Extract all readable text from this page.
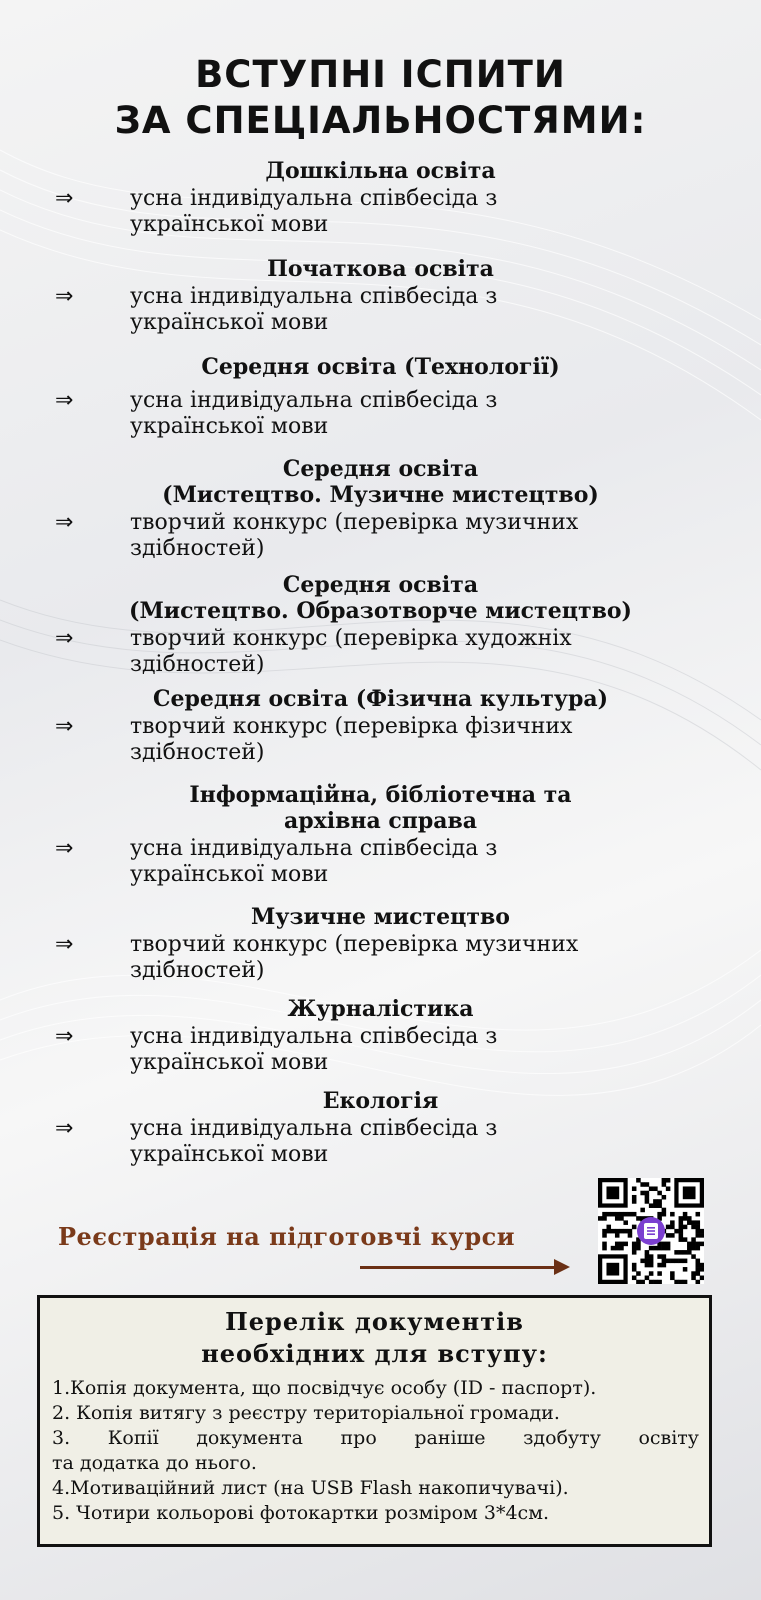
ВСТУПНІ ІСПИТИ
ЗА СПЕЦІАЛЬНОСТЯМИ:
Дошкільна освіта
⇒	усна індивідуальна співбесіда з
української мови
Початкова освіта
⇒	усна індивідуальна співбесіда з
української мови
Середня освіта (Технології)
⇒	усна індивідуальна співбесіда з
української мови
Середня освіта
(Мистецтво. Музичне мистецтво)
⇒	творчий конкурс (перевірка музичних
здібностей)
Середня освіта
(Мистецтво. Образотворче мистецтво)
⇒	творчий конкурс (перевірка художніх
здібностей)
Середня освіта (Фізична культура)
⇒	творчий конкурс (перевірка фізичних
здібностей)
Інформаційна, бібліотечна та
архівна справа
⇒	усна індивідуальна співбесіда з
української мови
Музичне мистецтво
⇒	творчий конкурс (перевірка музичних
здібностей)
Журналістика
⇒	усна індивідуальна співбесіда з
української мови
Екологія
⇒	усна індивідуальна співбесіда з
української мови
Реєстрація на підготовчі курси
Перелік документів
необхідних для вступу:
1.Копія документа, що посвідчує особу (ID - паспорт).
2. Копія витягу з реєстру територіальної громади.
3. Копії документа про раніше здобуту освіту
та додатка до нього.
4.Мотиваційний лист (на USB Flash накопичувачі).
5. Чотири кольорові фотокартки розміром 3*4см.
